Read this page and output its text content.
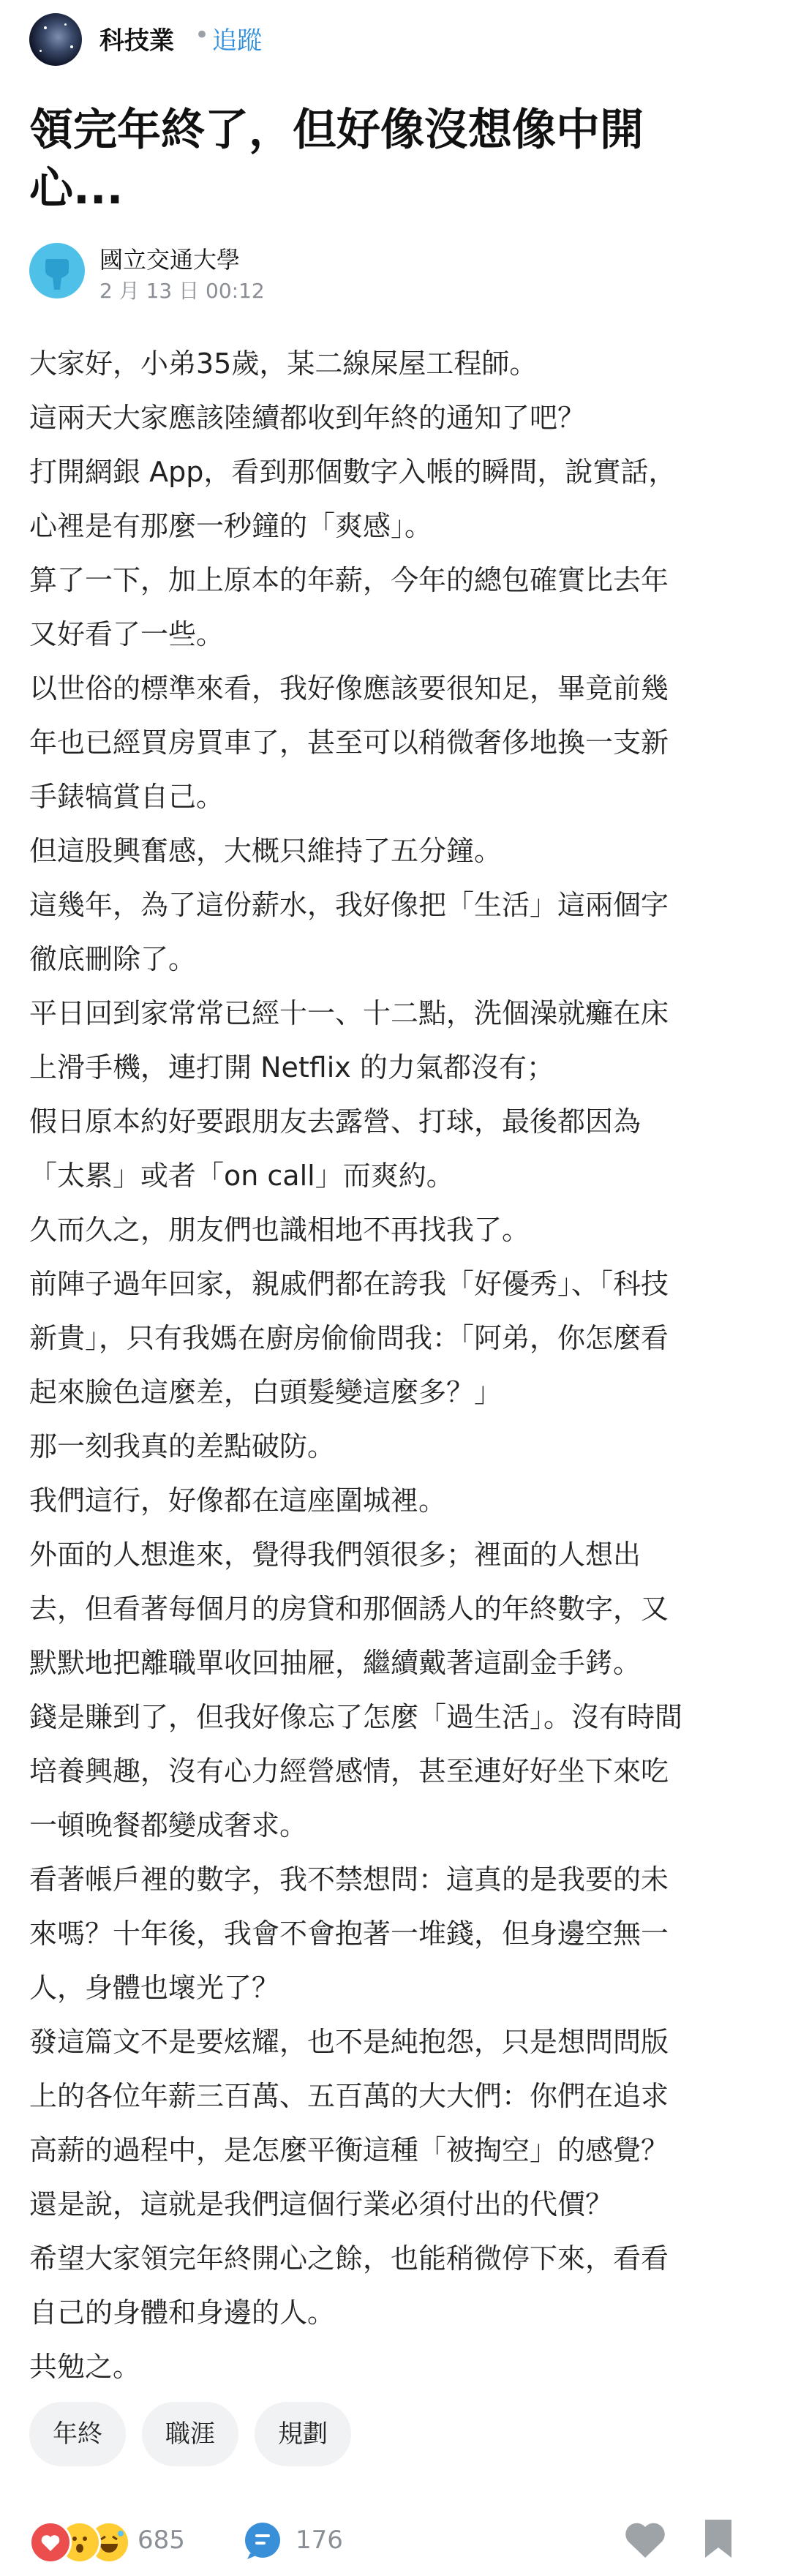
科技業 • 追蹤
領完年終了，但好像沒想像中開
心...
國立交通大學
2 月 13 日 00:12

大家好，小弟35歲，某二線屎屋工程師。

這兩天大家應該陸續都收到年終的通知了吧？

打開網銀 App，看到那個數字入帳的瞬間，說實話，

心裡是有那麼一秒鐘的「爽感」。

算了一下，加上原本的年薪，今年的總包確實比去年

又好看了一些。

以世俗的標準來看，我好像應該要很知足，畢竟前幾

年也已經買房買車了，甚至可以稍微奢侈地換一支新

手錶犒賞自己。

但這股興奮感，大概只維持了五分鐘。

這幾年，為了這份薪水，我好像把「生活」這兩個字

徹底刪除了。

平日回到家常常已經十一、十二點，洗個澡就癱在床

上滑手機，連打開 Netflix 的力氣都沒有；

假日原本約好要跟朋友去露營、打球，最後都因為

「太累」或者「on call」而爽約。

久而久之，朋友們也識相地不再找我了。

前陣子過年回家，親戚們都在誇我「好優秀」、「科技

新貴」，只有我媽在廚房偷偷問我：「阿弟，你怎麼看

起來臉色這麼差，白頭髮變這麼多？」

那一刻我真的差點破防。

我們這行，好像都在這座圍城裡。

外面的人想進來，覺得我們領很多；裡面的人想出

去，但看著每個月的房貸和那個誘人的年終數字，又

默默地把離職單收回抽屜，繼續戴著這副金手銬。

錢是賺到了，但我好像忘了怎麼「過生活」。沒有時間

培養興趣，沒有心力經營感情，甚至連好好坐下來吃

一頓晚餐都變成奢求。

看著帳戶裡的數字，我不禁想問：這真的是我要的未

來嗎？十年後，我會不會抱著一堆錢，但身邊空無一

人，身體也壞光了？

發這篇文不是要炫耀，也不是純抱怨，只是想問問版

上的各位年薪三百萬、五百萬的大大們：你們在追求

高薪的過程中，是怎麼平衡這種「被掏空」的感覺？

還是說，這就是我們這個行業必須付出的代價？

希望大家領完年終開心之餘，也能稍微停下來，看看

自己的身體和身邊的人。

共勉之。

年終	職涯	規劃
685	176
